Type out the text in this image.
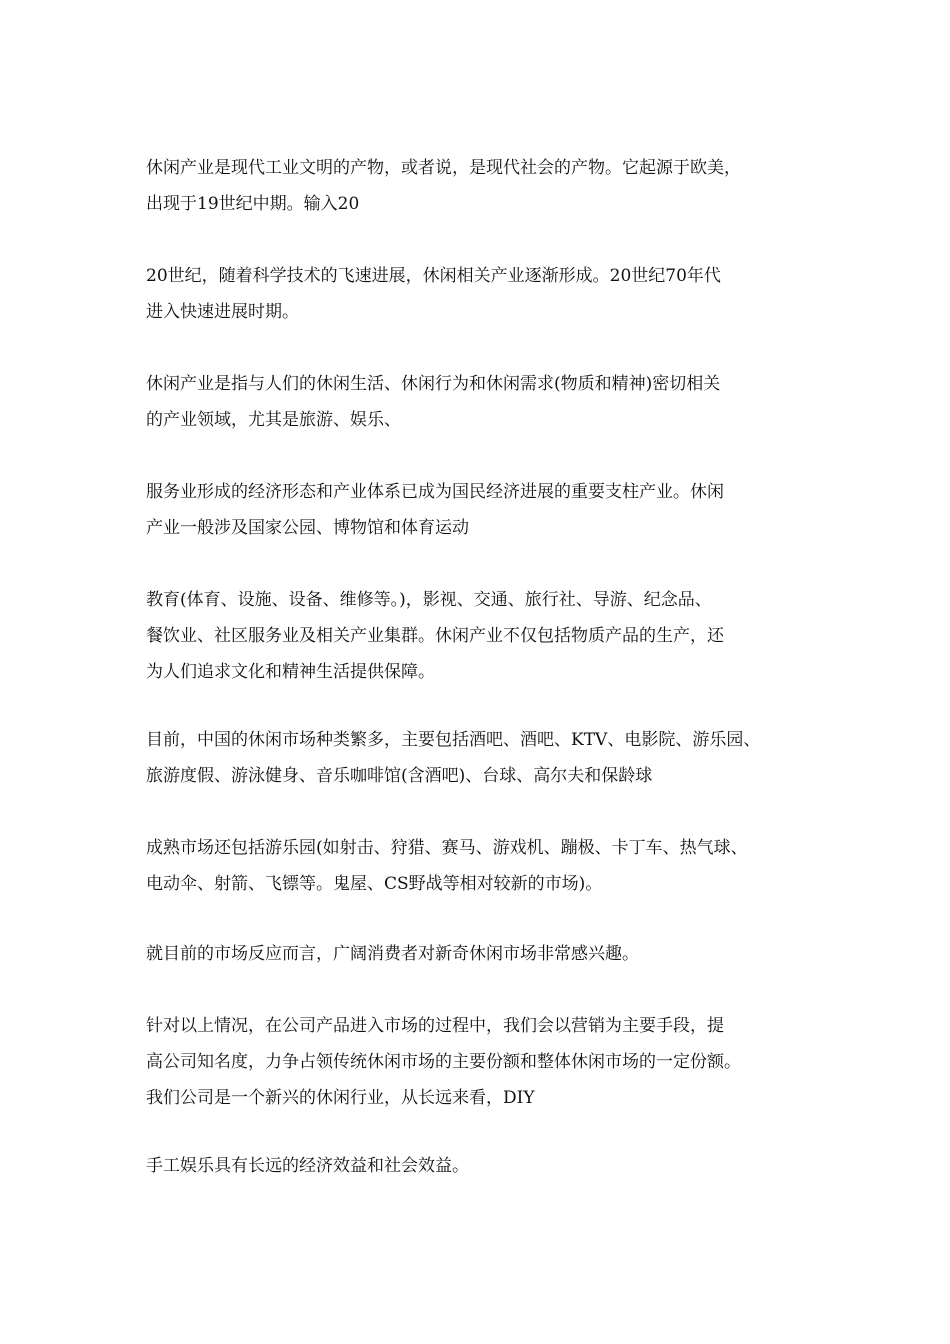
休闲产业是现代工业文明的产物，或者说，是现代社会的产物。它起源于欧美，
出现于19世纪中期。输入20

20世纪，随着科学技术的飞速进展，休闲相关产业逐渐形成。20世纪70年代
进入快速进展时期。

休闲产业是指与人们的休闲生活、休闲行为和休闲需求(物质和精神)密切相关
的产业领域，尤其是旅游、娱乐、

服务业形成的经济形态和产业体系已成为国民经济进展的重要支柱产业。休闲
产业一般涉及国家公园、博物馆和体育运动

教育(体育、设施、设备、维修等。)，影视、交通、旅行社、导游、纪念品、
餐饮业、社区服务业及相关产业集群。休闲产业不仅包括物质产品的生产，还
为人们追求文化和精神生活提供保障。

目前，中国的休闲市场种类繁多，主要包括酒吧、酒吧、KTV、电影院、游乐园、
旅游度假、游泳健身、音乐咖啡馆(含酒吧)、台球、高尔夫和保龄球

成熟市场还包括游乐园(如射击、狩猎、赛马、游戏机、蹦极、卡丁车、热气球、
电动伞、射箭、飞镖等。鬼屋、CS野战等相对较新的市场)。

就目前的市场反应而言，广阔消费者对新奇休闲市场非常感兴趣。

针对以上情况，在公司产品进入市场的过程中，我们会以营销为主要手段，提
高公司知名度，力争占领传统休闲市场的主要份额和整体休闲市场的一定份额。
我们公司是一个新兴的休闲行业，从长远来看，DIY

手工娱乐具有长远的经济效益和社会效益。
